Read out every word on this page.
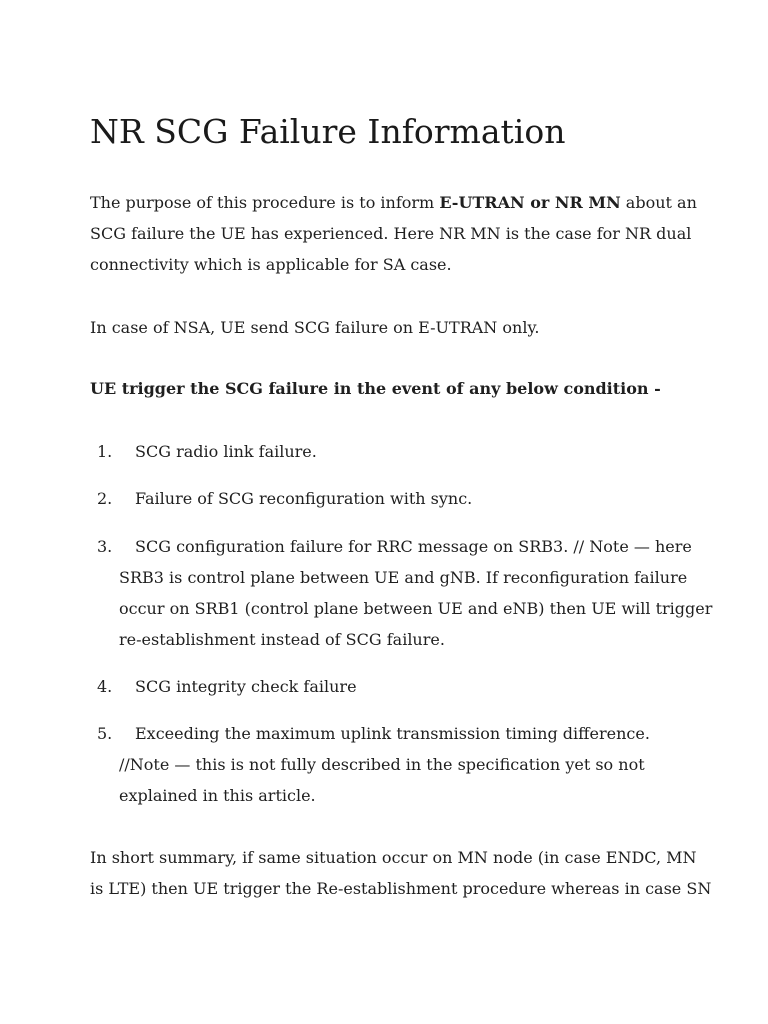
NR SCG Failure Information

The purpose of this procedure is to inform E-UTRAN or NR MN about an
SCG failure the UE has experienced. Here NR MN is the case for NR dual
connectivity which is applicable for SA case.

In case of NSA, UE send SCG failure on E-UTRAN only.

UE trigger the SCG failure in the event of any below condition -

1.	SCG radio link failure.
2.	Failure of SCG reconfiguration with sync.
3.	SCG configuration failure for RRC message on SRB3. // Note — here
SRB3 is control plane between UE and gNB. If reconfiguration failure
occur on SRB1 (control plane between UE and eNB) then UE will trigger
re-establishment instead of SCG failure.
4.	SCG integrity check failure
5.	Exceeding the maximum uplink transmission timing difference.
//Note — this is not fully described in the specification yet so not
explained in this article.

In short summary, if same situation occur on MN node (in case ENDC, MN
is LTE) then UE trigger the Re-establishment procedure whereas in case SN
